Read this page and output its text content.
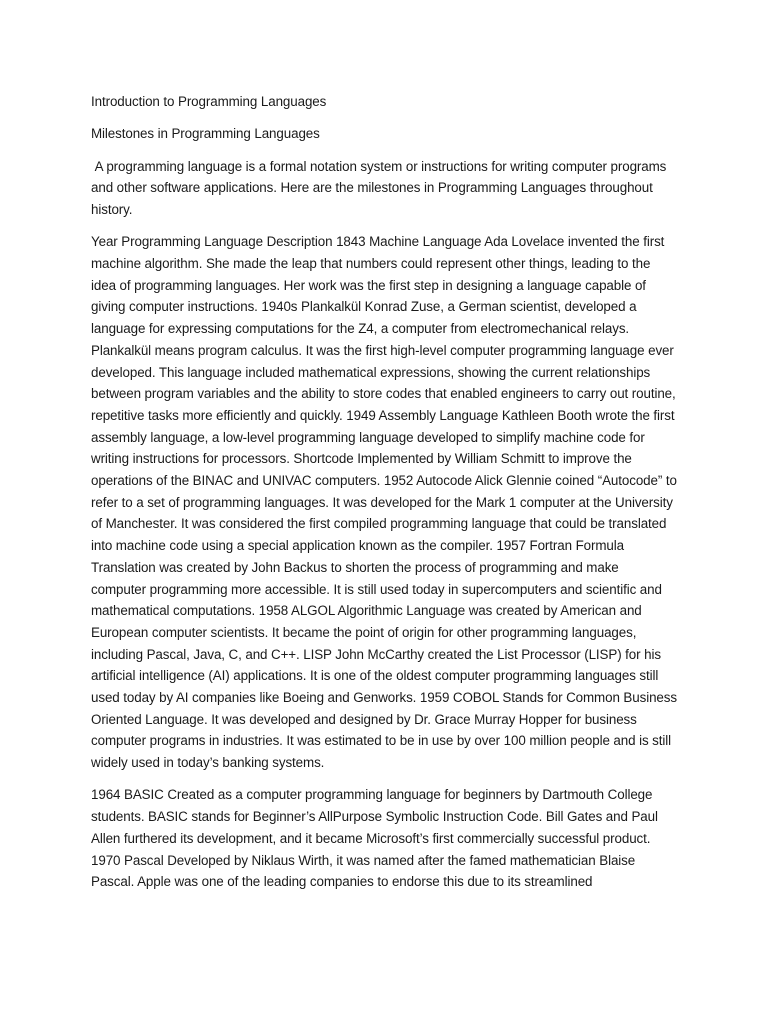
Introduction to Programming Languages

Milestones in Programming Languages

A programming language is a formal notation system or instructions for writing computer programs and other software applications. Here are the milestones in Programming Languages throughout history.

Year Programming Language Description 1843 Machine Language Ada Lovelace invented the first machine algorithm. She made the leap that numbers could represent other things, leading to the idea of programming languages. Her work was the first step in designing a language capable of giving computer instructions. 1940s Plankalkül Konrad Zuse, a German scientist, developed a language for expressing computations for the Z4, a computer from electromechanical relays. Plankalkül means program calculus. It was the first high-level computer programming language ever developed. This language included mathematical expressions, showing the current relationships between program variables and the ability to store codes that enabled engineers to carry out routine, repetitive tasks more efficiently and quickly. 1949 Assembly Language Kathleen Booth wrote the first assembly language, a low-level programming language developed to simplify machine code for writing instructions for processors. Shortcode Implemented by William Schmitt to improve the operations of the BINAC and UNIVAC computers. 1952 Autocode Alick Glennie coined “Autocode” to refer to a set of programming languages. It was developed for the Mark 1 computer at the University of Manchester. It was considered the first compiled programming language that could be translated into machine code using a special application known as the compiler. 1957 Fortran Formula Translation was created by John Backus to shorten the process of programming and make computer programming more accessible. It is still used today in supercomputers and scientific and mathematical computations. 1958 ALGOL Algorithmic Language was created by American and European computer scientists. It became the point of origin for other programming languages, including Pascal, Java, C, and C++. LISP John McCarthy created the List Processor (LISP) for his artificial intelligence (AI) applications. It is one of the oldest computer programming languages still used today by AI companies like Boeing and Genworks. 1959 COBOL Stands for Common Business Oriented Language. It was developed and designed by Dr. Grace Murray Hopper for business computer programs in industries. It was estimated to be in use by over 100 million people and is still widely used in today’s banking systems.

1964 BASIC Created as a computer programming language for beginners by Dartmouth College students. BASIC stands for Beginner’s AllPurpose Symbolic Instruction Code. Bill Gates and Paul Allen furthered its development, and it became Microsoft’s first commercially successful product. 1970 Pascal Developed by Niklaus Wirth, it was named after the famed mathematician Blaise Pascal. Apple was one of the leading companies to endorse this due to its streamlined
